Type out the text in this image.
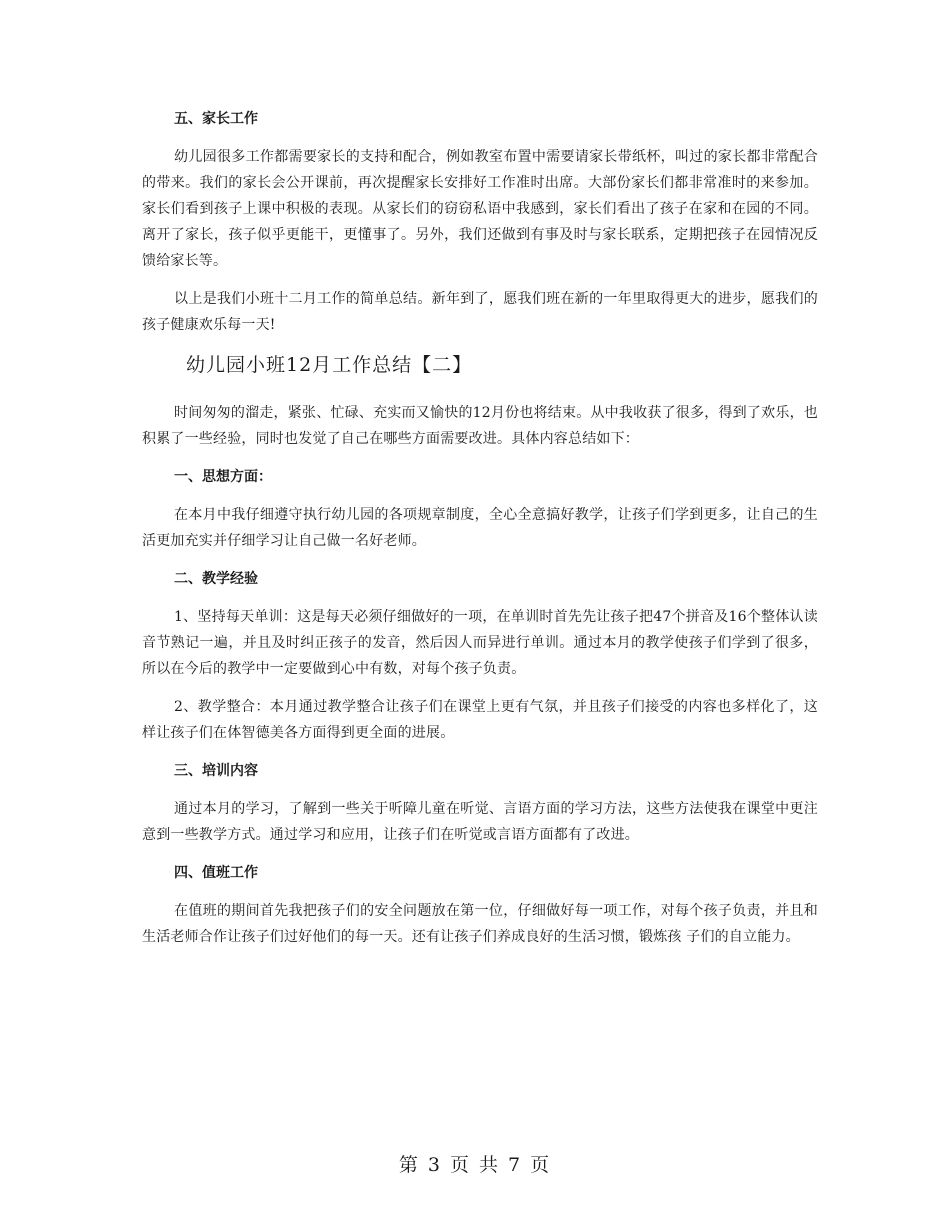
五、家长工作

幼儿园很多工作都需要家长的支持和配合，例如教室布置中需要请家长带纸杯，叫过的家长都非常配合的带来。我们的家长会公开课前，再次提醒家长安排好工作准时出席。大部份家长们都非常准时的来参加。家长们看到孩子上课中积极的表现。从家长们的窃窃私语中我感到，家长们看出了孩子在家和在园的不同。离开了家长，孩子似乎更能干，更懂事了。另外，我们还做到有事及时与家长联系，定期把孩子在园情况反馈给家长等。

以上是我们小班十二月工作的简单总结。新年到了，愿我们班在新的一年里取得更大的进步，愿我们的孩子健康欢乐每一天!

幼儿园小班12月工作总结【二】

时间匆匆的溜走，紧张、忙碌、充实而又愉快的12月份也将结束。从中我收获了很多，得到了欢乐，也积累了一些经验，同时也发觉了自己在哪些方面需要改进。具体内容总结如下：

一、思想方面：

在本月中我仔细遵守执行幼儿园的各项规章制度，全心全意搞好教学，让孩子们学到更多，让自己的生活更加充实并仔细学习让自己做一名好老师。

二、教学经验

1、坚持每天单训：这是每天必须仔细做好的一项，在单训时首先先让孩子把47个拼音及16个整体认读音节熟记一遍，并且及时纠正孩子的发音，然后因人而异进行单训。通过本月的教学使孩子们学到了很多，所以在今后的教学中一定要做到心中有数，对每个孩子负责。

2、教学整合：本月通过教学整合让孩子们在课堂上更有气氛，并且孩子们接受的内容也多样化了，这样让孩子们在体智德美各方面得到更全面的进展。

三、培训内容

通过本月的学习，了解到一些关于听障儿童在听觉、言语方面的学习方法，这些方法使我在课堂中更注意到一些教学方式。通过学习和应用，让孩子们在听觉或言语方面都有了改进。

四、值班工作

在值班的期间首先我把孩子们的安全问题放在第一位，仔细做好每一项工作，对每个孩子负责，并且和生活老师合作让孩子们过好他们的每一天。还有让孩子们养成良好的生活习惯，锻炼孩 子们的自立能力。

第 3 页 共 7 页
